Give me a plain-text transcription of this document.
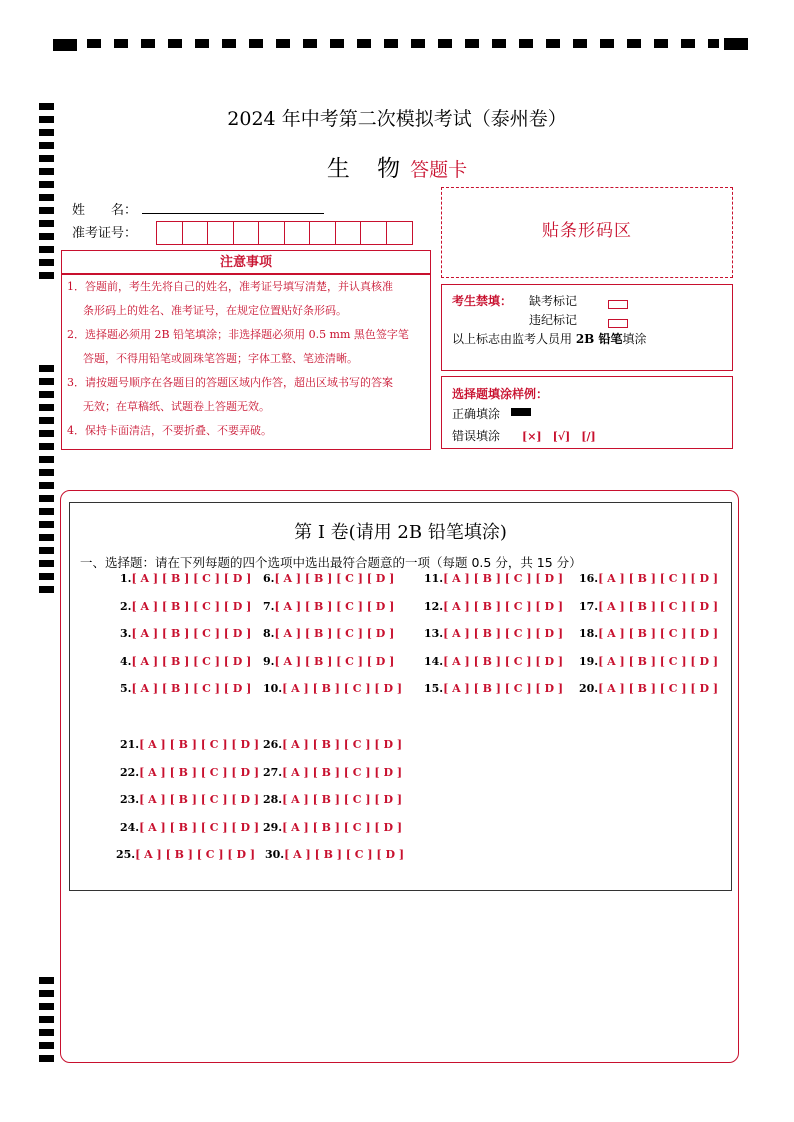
2024 年中考第二次模拟考试（泰州卷）
生 物答题卡
姓　　名：
准考证号：	贴条形码区
注意事项
1．答题前，考生先将自己的姓名，准考证号填写清楚，并认真核准
条形码上的姓名、准考证号，在规定位置贴好条形码。
2．选择题必须用 2B 铅笔填涂；非选择题必须用 0.5 mm 黑色签字笔
答题，不得用铅笔或圆珠笔答题；字体工整、笔迹清晰。
3．请按题号顺序在各题目的答题区域内作答，超出区域书写的答案
无效；在草稿纸、试题卷上答题无效。
4．保持卡面清洁，不要折叠、不要弄破。
考生禁填： 缺考标记
违纪标记
以上标志由监考人员用 2B 铅笔填涂
选择题填涂样例：
正确填涂
错误填涂 [×]　[√]　[/]
第 I 卷(请用 2B 铅笔填涂)
一、选择题：请在下列每题的四个选项中选出最符合题意的一项（每题 0.5 分，共 15 分）
1.[ A ] [ B ] [ C ] [ D ]
2.[ A ] [ B ] [ C ] [ D ]
3.[ A ] [ B ] [ C ] [ D ]
4.[ A ] [ B ] [ C ] [ D ]
5.[ A ] [ B ] [ C ] [ D ]
6.[ A ] [ B ] [ C ] [ D ]
7.[ A ] [ B ] [ C ] [ D ]
8.[ A ] [ B ] [ C ] [ D ]
9.[ A ] [ B ] [ C ] [ D ]
10.[ A ] [ B ] [ C ] [ D ]
11.[ A ] [ B ] [ C ] [ D ]
12.[ A ] [ B ] [ C ] [ D ]
13.[ A ] [ B ] [ C ] [ D ]
14.[ A ] [ B ] [ C ] [ D ]
15.[ A ] [ B ] [ C ] [ D ]
16.[ A ] [ B ] [ C ] [ D ]
17.[ A ] [ B ] [ C ] [ D ]
18.[ A ] [ B ] [ C ] [ D ]
19.[ A ] [ B ] [ C ] [ D ]
20.[ A ] [ B ] [ C ] [ D ]
21.[ A ] [ B ] [ C ] [ D ]
22.[ A ] [ B ] [ C ] [ D ]
23.[ A ] [ B ] [ C ] [ D ]
24.[ A ] [ B ] [ C ] [ D ]
25.[ A ] [ B ] [ C ] [ D ]
26.[ A ] [ B ] [ C ] [ D ]
27.[ A ] [ B ] [ C ] [ D ]
28.[ A ] [ B ] [ C ] [ D ]
29.[ A ] [ B ] [ C ] [ D ]
30.[ A ] [ B ] [ C ] [ D ]
